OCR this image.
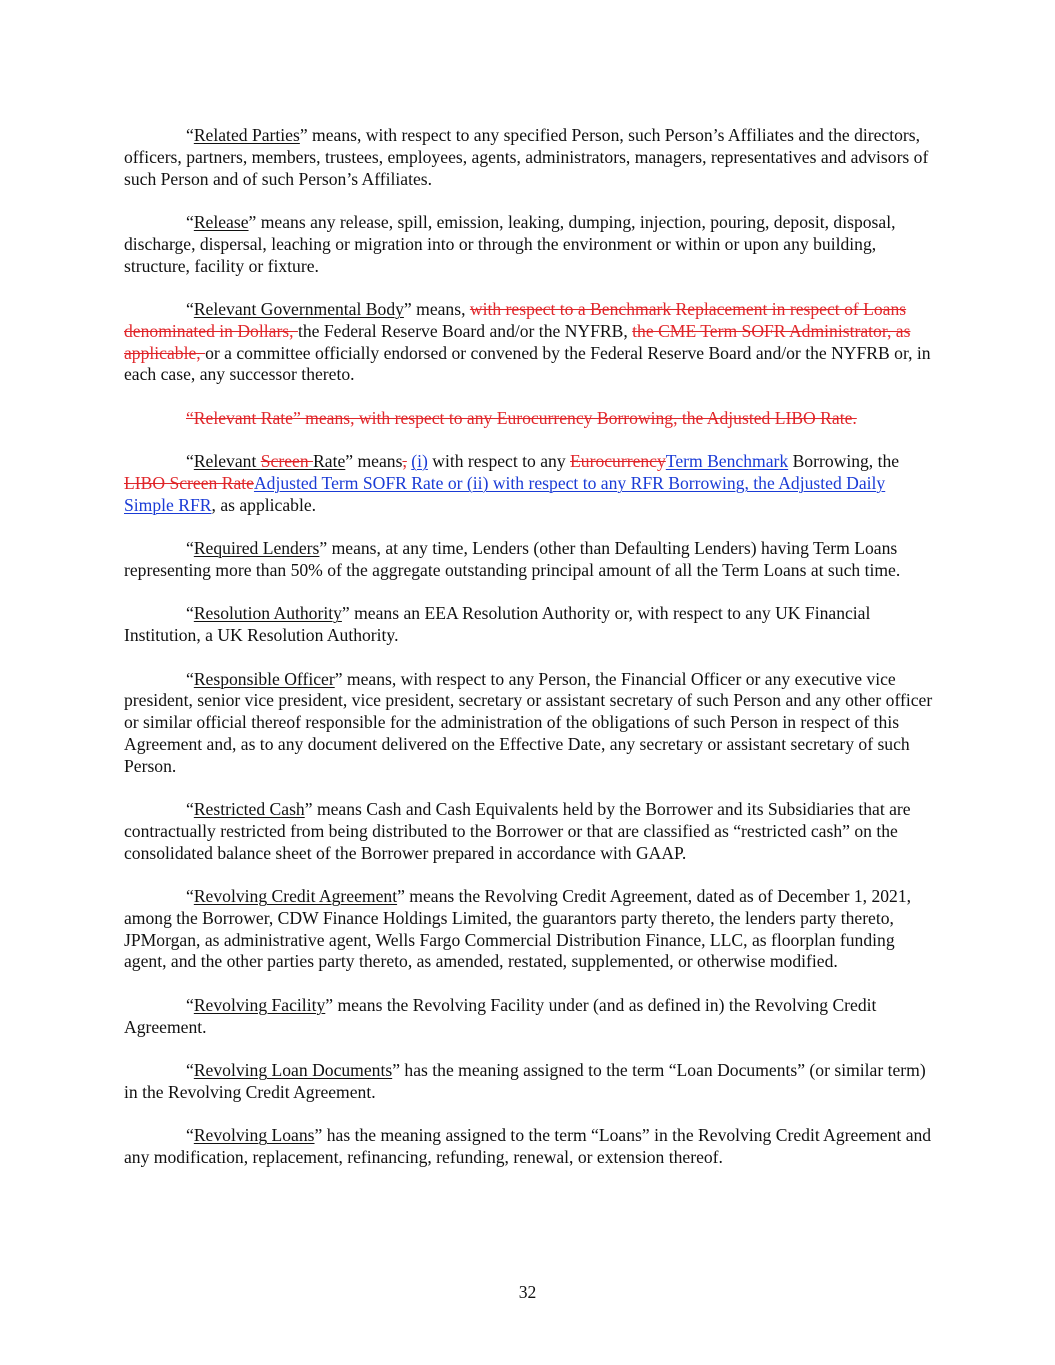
“Related Parties” means, with respect to any specified Person, such Person’s Affiliates and the directors, officers, partners, members, trustees, employees, agents, administrators, managers, representatives and advisors of such Person and of such Person’s Affiliates.

“Release” means any release, spill, emission, leaking, dumping, injection, pouring, deposit, disposal, discharge, dispersal, leaching or migration into or through the environment or within or upon any building, structure, facility or fixture.

“Relevant Governmental Body” means, with respect to a Benchmark Replacement in respect of Loans denominated in Dollars, the Federal Reserve Board and/or the NYFRB, the CME Term SOFR Administrator, as applicable, or a committee officially endorsed or convened by the Federal Reserve Board and/or the NYFRB or, in each case, any successor thereto.

“Relevant Rate” means, with respect to any Eurocurrency Borrowing, the Adjusted LIBO Rate.

“Relevant Screen Rate” means, (i) with respect to any EurocurrencyTerm Benchmark Borrowing, the LIBO Screen RateAdjusted Term SOFR Rate or (ii) with respect to any RFR Borrowing, the Adjusted Daily Simple RFR, as applicable.

“Required Lenders” means, at any time, Lenders (other than Defaulting Lenders) having Term Loans representing more than 50% of the aggregate outstanding principal amount of all the Term Loans at such time.

“Resolution Authority” means an EEA Resolution Authority or, with respect to any UK Financial Institution, a UK Resolution Authority.

“Responsible Officer” means, with respect to any Person, the Financial Officer or any executive vice president, senior vice president, vice president, secretary or assistant secretary of such Person and any other officer or similar official thereof responsible for the administration of the obligations of such Person in respect of this Agreement and, as to any document delivered on the Effective Date, any secretary or assistant secretary of such Person.

“Restricted Cash” means Cash and Cash Equivalents held by the Borrower and its Subsidiaries that are contractually restricted from being distributed to the Borrower or that are classified as “restricted cash” on the consolidated balance sheet of the Borrower prepared in accordance with GAAP.

“Revolving Credit Agreement” means the Revolving Credit Agreement, dated as of December 1, 2021, among the Borrower, CDW Finance Holdings Limited, the guarantors party thereto, the lenders party thereto, JPMorgan, as administrative agent, Wells Fargo Commercial Distribution Finance, LLC, as floorplan funding agent, and the other parties party thereto, as amended, restated, supplemented, or otherwise modified.

“Revolving Facility” means the Revolving Facility under (and as defined in) the Revolving Credit Agreement.

“Revolving Loan Documents” has the meaning assigned to the term “Loan Documents” (or similar term) in the Revolving Credit Agreement.

“Revolving Loans” has the meaning assigned to the term “Loans” in the Revolving Credit Agreement and any modification, replacement, refinancing, refunding, renewal, or extension thereof.

32
